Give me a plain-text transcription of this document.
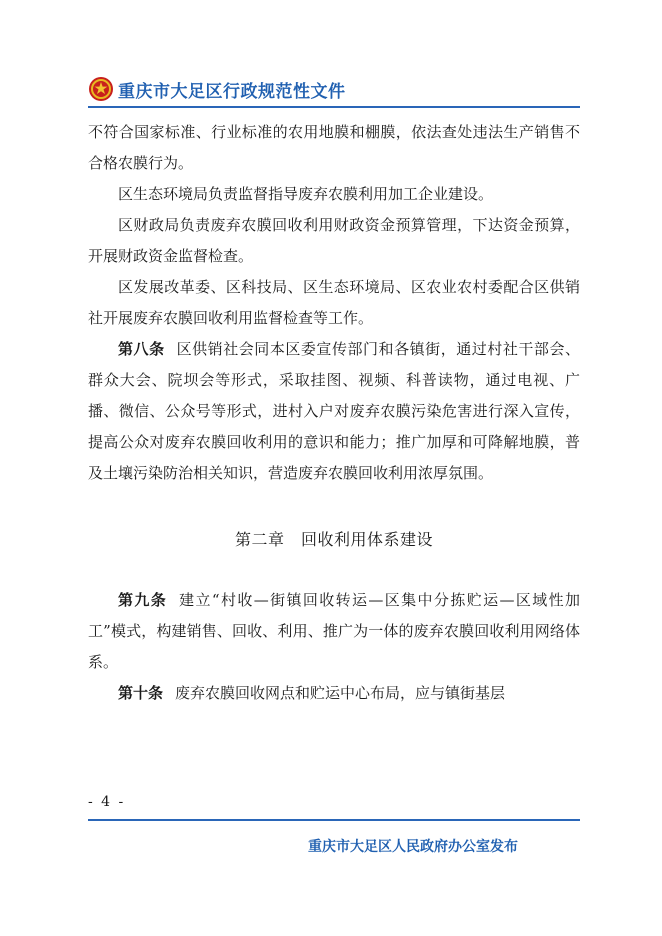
重庆市大足区行政规范性文件

不符合国家标准、行业标准的农用地膜和棚膜，依法查处违法生产销售不合格农膜行为。

区生态环境局负责监督指导废弃农膜利用加工企业建设。

区财政局负责废弃农膜回收利用财政资金预算管理，下达资金预算，开展财政资金监督检查。

区发展改革委、区科技局、区生态环境局、区农业农村委配合区供销社开展废弃农膜回收利用监督检查等工作。

第八条 区供销社会同本区委宣传部门和各镇街，通过村社干部会、群众大会、院坝会等形式，采取挂图、视频、科普读物，通过电视、广播、微信、公众号等形式，进村入户对废弃农膜污染危害进行深入宣传，提高公众对废弃农膜回收利用的意识和能力；推广加厚和可降解地膜，普及土壤污染防治相关知识，营造废弃农膜回收利用浓厚氛围。

第二章　回收利用体系建设

第九条 建立“村收—街镇回收转运—区集中分拣贮运—区域性加工”模式，构建销售、回收、利用、推广为一体的废弃农膜回收利用网络体系。

第十条 废弃农膜回收网点和贮运中心布局，应与镇街基层

- 4 -
重庆市大足区人民政府办公室发布
